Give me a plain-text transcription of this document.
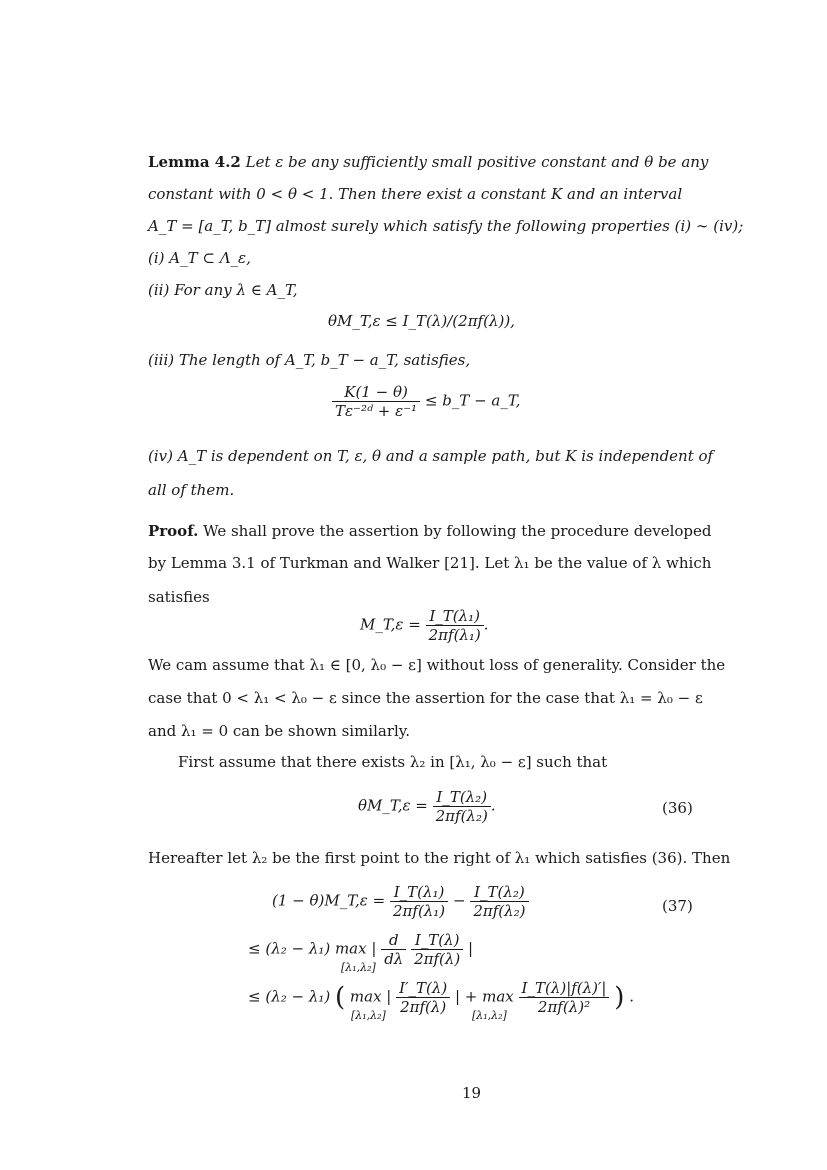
Lemma 4.2 Let ε be any sufficiently small positive constant and θ be any
constant with 0 < θ < 1. Then there exist a constant K and an interval
A_T = [a_T, b_T] almost surely which satisfy the following properties (i) ∼ (iv);
(i) A_T ⊂ Λ_ε,
(ii) For any λ ∈ A_T,
θM_T,ε ≤ I_T(λ)/(2πf(λ)),
(iii) The length of A_T, b_T − a_T, satisfies,
$\frac{K(1 - \theta)}{\text{Tε⁻²ᵈ + ε⁻¹}}$ ≤ b_T − a_T,
(iv) A_T is dependent on T, ε, θ and a sample path, but K is independent of
all of them.
Proof. We shall prove the assertion by following the procedure developed
by Lemma 3.1 of Turkman and Walker [21]. Let λ₁ be the value of λ which
satisfies
M_T,ε = $\frac{\text{I\_T(λ₁)}}{\text{2πf(λ₁)}}$ .
We cam assume that λ₁ ∈ [0, λ₀ − ε] without loss of generality. Consider the
case that 0 < λ₁ < λ₀ − ε since the assertion for the case that λ₁ = λ₀ − ε
and λ₁ = 0 can be shown similarly.
First assume that there exists λ₂ in [λ₁, λ₀ − ε] such that
θM_T,ε = $\frac{\text{I\_T(λ₂)}}{\text{2πf(λ₂)}}$ .	(36)
Hereafter let λ₂ be the first point to the right of λ₁ which satisfies (36). Then
(1 − θ)M_T,ε = $\frac{\text{I\_T(λ₁)}}{\text{2πf(λ₁)}} - \frac{\text{I\_T(λ₂)}}{\text{2πf(λ₂)}}$	(37)
≤ (λ₂ − λ₁) max | $\frac{d}{d\lambda}$
$\frac{I\_T(\lambda)}{2\pi f(\lambda)}$ |
[λ₁,λ₂]
≤ (λ₂ − λ₁) ( max | $\frac{I'\_T(\lambda)}{2\pi f(\lambda)}$ | + $\max \frac{I\_T(\lambda)|f(\lambda)'|}{\text{2πf(λ)²}}$ ) .
[λ₁,λ₂]	[λ₁,λ₂]
19
